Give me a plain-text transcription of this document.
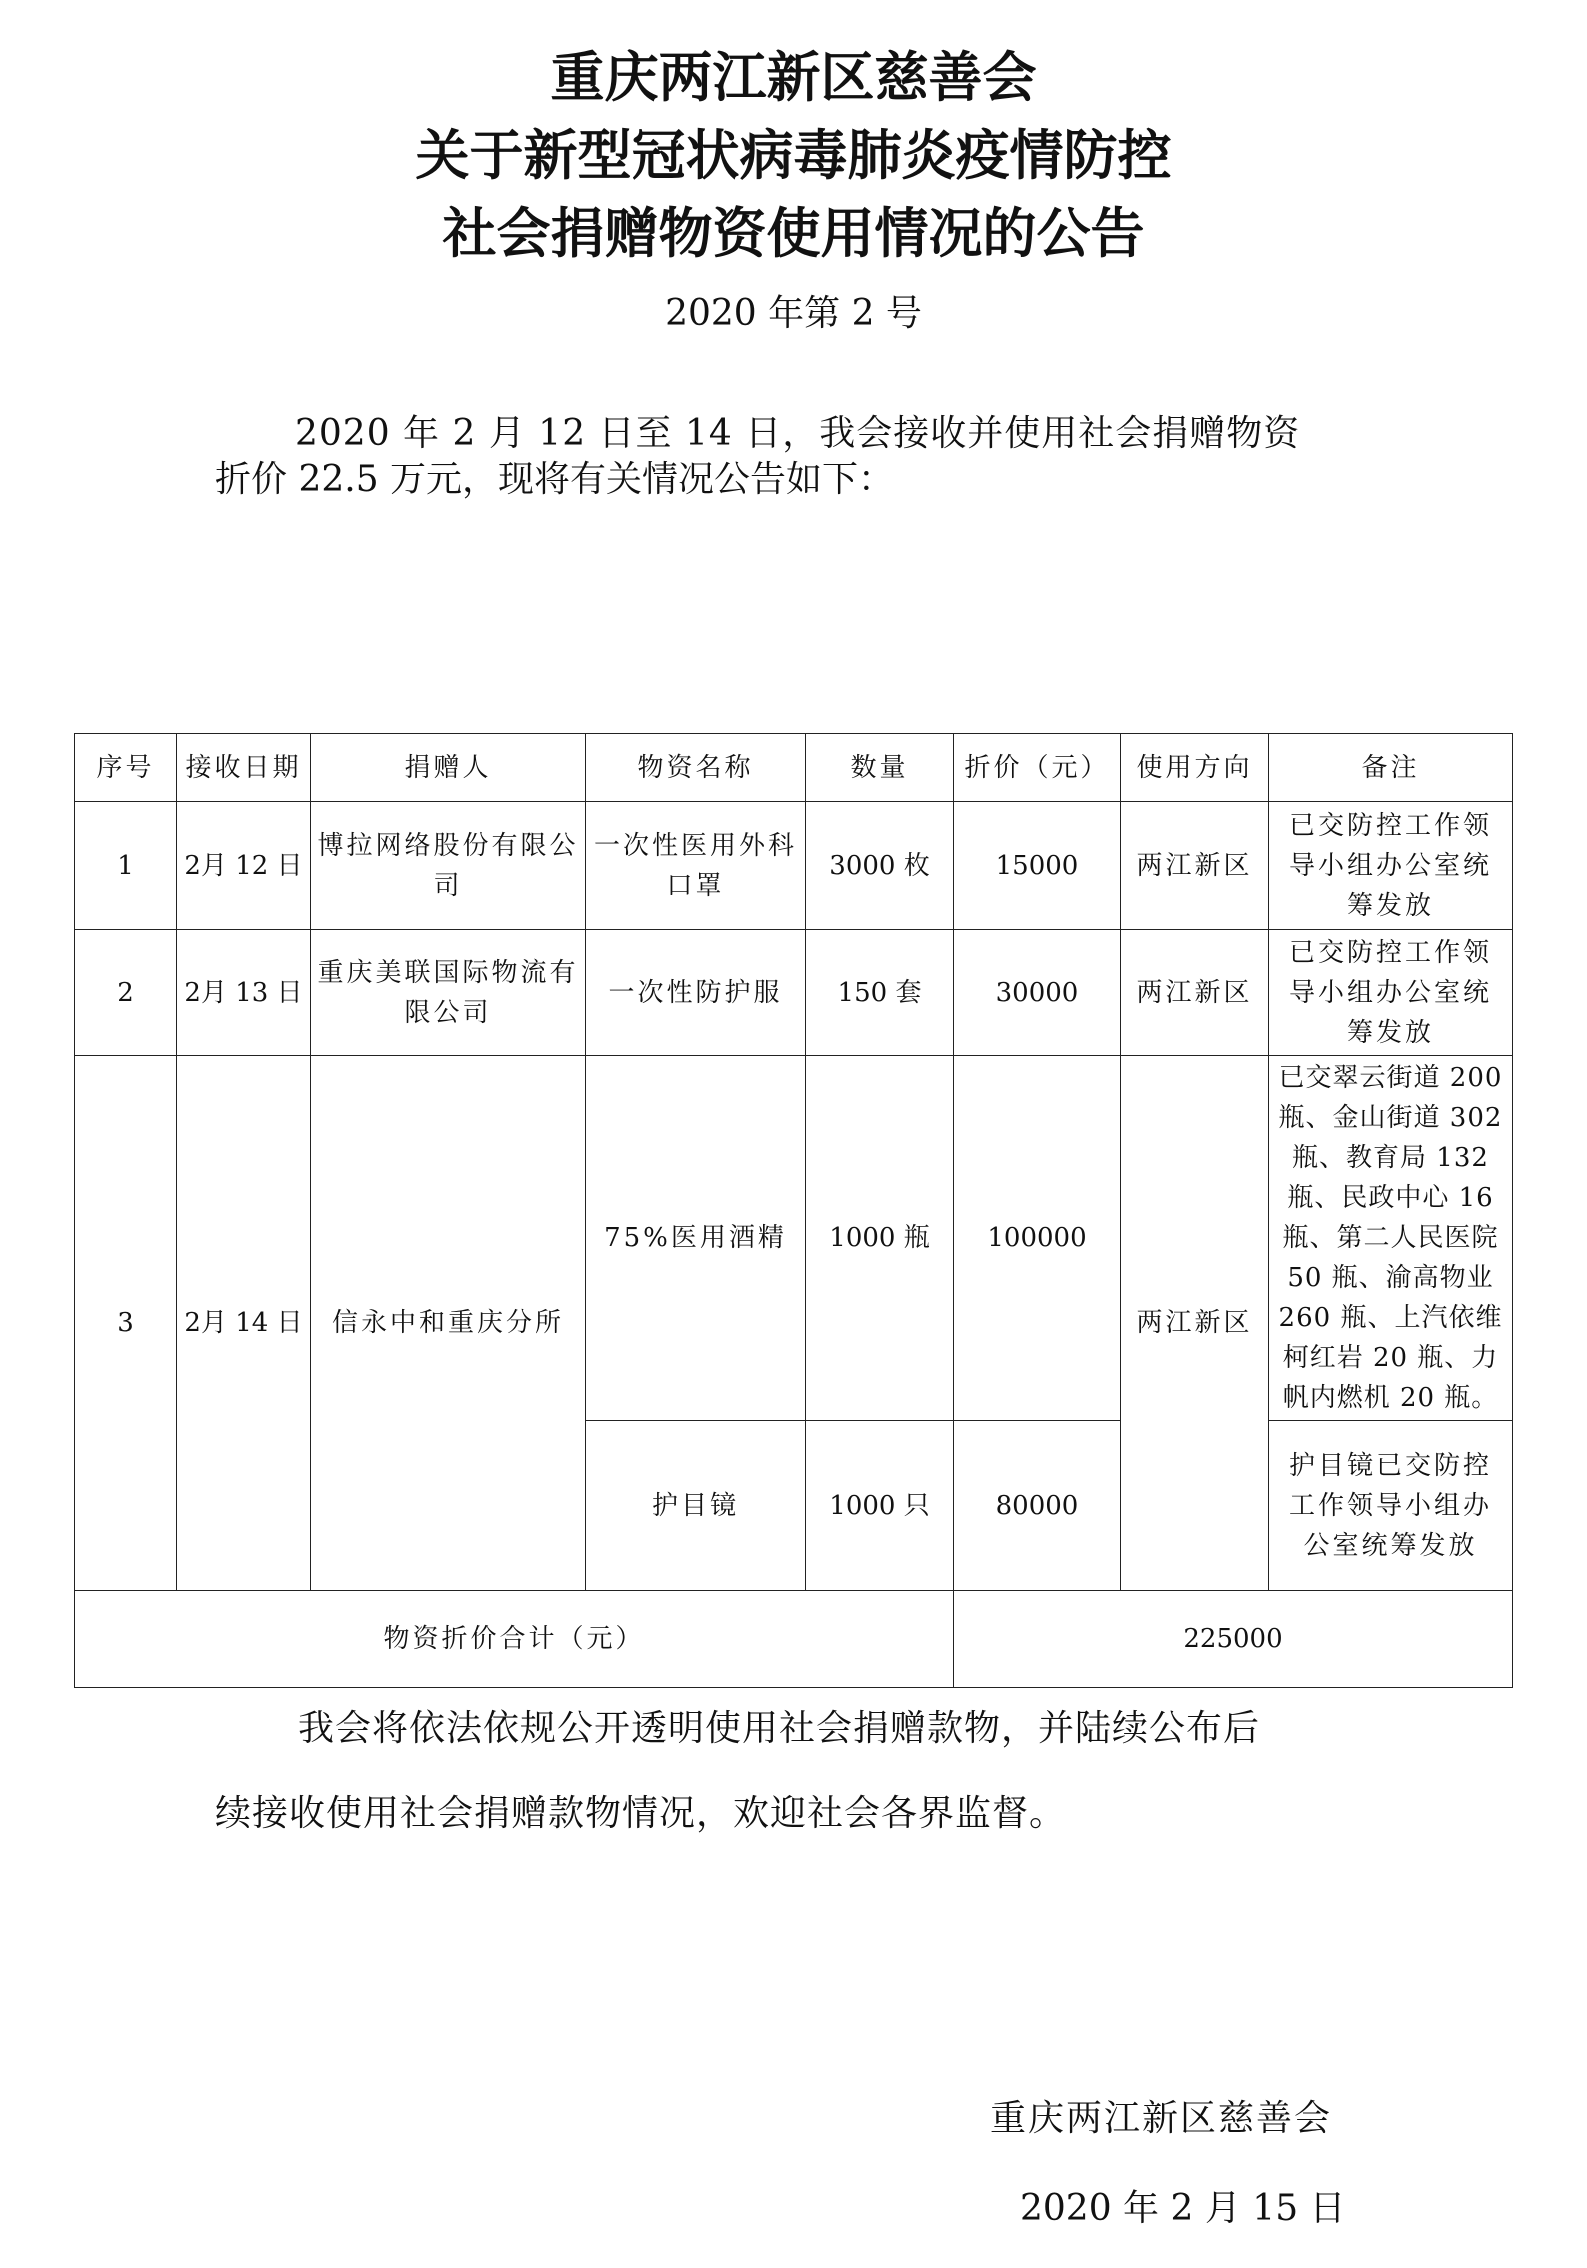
重庆两江新区慈善会
关于新型冠状病毒肺炎疫情防控
社会捐赠物资使用情况的公告
2020 年第 2 号
2020 年 2 月 12 日至 14 日，我会接收并使用社会捐赠物资
折价 22.5 万元，现将有关情况公告如下：
序号	接收日期	捐赠人	物资名称	数量	折价（元）	使用方向	备注
1	2月 12 日	博拉网络股份有限公司	一次性医用外科口罩	3000 枚	15000	两江新区	已交防控工作领导小组办公室统筹发放
2	2月 13 日	重庆美联国际物流有限公司	一次性防护服	150 套	30000	两江新区	已交防控工作领导小组办公室统筹发放
3	2月 14 日	信永中和重庆分所	75%医用酒精	1000 瓶	100000	两江新区	已交翠云街道 200 瓶、金山街道 302 瓶、教育局 132 瓶、民政中心 16 瓶、第二人民医院 50 瓶、渝高物业 260 瓶、上汽依维柯红岩 20 瓶、力帆内燃机 20 瓶。
			护目镜	1000 只	80000		护目镜已交防控工作领导小组办公室统筹发放
物资折价合计（元）					225000		
我会将依法依规公开透明使用社会捐赠款物，并陆续公布后
续接收使用社会捐赠款物情况，欢迎社会各界监督。
重庆两江新区慈善会
2020 年 2 月 15 日
